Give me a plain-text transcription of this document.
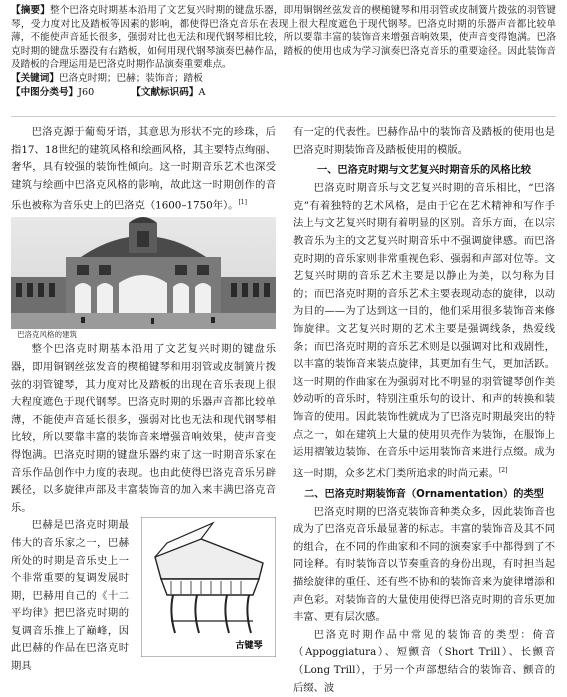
【摘要】整个巴洛克时期基本沿用了文艺复兴时期的键盘乐器，即用铜钢丝弦发音的楔槌键琴和用羽管或皮制簧片拨弦的羽管键琴，受力度对比及踏板等因素的影响，都使得巴洛克音乐在表现上很大程度遮色于现代钢琴。巴洛克时期的乐器声音都比较单薄，不能使声音延长很多，强弱对比也无法和现代钢琴相比较，所以要靠丰富的装饰音来增强音响效果，使声音变得饱满。巴洛克时期的键盘乐器没有右踏板，如何用现代钢琴演奏巴赫作品，踏板的使用也成为学习演奏巴洛克音乐的重要途径。因此装饰音及踏板的合理运用是巴洛克时期作品演奏重要难点。

【关键词】巴洛克时期；巴赫；装饰音；踏板

【中图分类号】J60	【文献标识码】A

巴洛克源于葡萄牙语，其意思为形状不完的珍珠，后指17、18世纪的建筑风格和绘画风格，其主要特点绚丽、奢华，具有较强的装饰性倾向。这一时期音乐艺术也深受建筑与绘画中巴洛克风格的影响，故此这一时期创作的音乐也被称为音乐史上的巴洛克（1600–1750年）。[1]

巴洛克风格的建筑

整个巴洛克时期基本沿用了文艺复兴时期的键盘乐器，即用铜钢丝弦发音的楔槌键琴和用羽管或皮制簧片拨弦的羽管键琴，其力度对比及踏板的出现在音乐表现上很大程度遮色于现代钢琴。巴洛克时期的乐器声音都比较单薄，不能使声音延长很多，强弱对比也无法和现代钢琴相比较，所以要靠丰富的装饰音来增强音响效果，使声音变得饱满。巴洛克时期的键盘乐器约束了这一时期音乐家在音乐作品创作中力度的表现。也由此使得巴洛克音乐另辟蹊径，以多旋律声部及丰富装饰音的加入来丰满巴洛克音乐。

巴赫是巴洛克时期最伟大的音乐家之一，巴赫所处的时期是音乐史上一个非常重要的复调发展时期，巴赫用自己的《十二平均律》把巴洛克时期的复调音乐推上了巅峰，因此巴赫的作品在巴洛克时期具

古键琴

有一定的代表性。巴赫作品中的装饰音及踏板的使用也是巴洛克时期装饰音及踏板使用的模版。

一、巴洛克时期与文艺复兴时期音乐的风格比较

巴洛克时期音乐与文艺复兴时期的音乐相比，“巴洛克”有着独特的艺术风格，是由于它在艺术精神和写作手法上与文艺复兴时期有着明显的区别。音乐方面，在以宗教音乐为主的文艺复兴时期音乐中不强调旋律感。而巴洛克时期的音乐家则非常重视色彩、强弱和声部对位等。文艺复兴时期的音乐艺术主要是以静止为美，以匀称为目的；而巴洛克时期的音乐艺术主要表现动态的旋律，以动为目的——为了达到这一目的，他们采用很多装饰音来修饰旋律。文艺复兴时期的艺术主要是强调线条，热爱线条；而巴洛克时期的音乐艺术则是以强调对比和戏剧性，以丰富的装饰音来装点旋律，其更加有生气，更加活跃。这一时期的作曲家在为强弱对比不明显的羽管键琴创作美妙动听的音乐时，特别注重乐句的设计、和声的转换和装饰音的使用。因此装饰性就成为了巴洛克时期最突出的特点之一，如在建筑上大量的使用贝壳作为装饰，在服饰上运用褶皱边装饰、在音乐中运用装饰音来进行点缀。成为这一时期，众多艺术门类所追求的时尚元素。[2]

二、巴洛克时期装饰音（Ornamentation）的类型

巴洛克时期的巴洛克装饰音种类众多，因此装饰音也成为了巴洛克音乐最显著的标志。丰富的装饰音及其不同的组合，在不同的作曲家和不同的演奏家手中都得到了不同诠释。有时装饰音以节奏重音的身份出现，有时担当起描绘旋律的重任、还有些不协和的装饰音来为旋律增添和声色彩。对装饰音的大量使用使得巴洛克时期的音乐更加丰富、更有层次感。

巴洛克时期作品中常见的装饰音的类型：倚音（Appoggiatura）、短颤音（Short Trill）、长颤音（Long Trill），于另一个声部想结合的装饰音、颤音的后缀、波
